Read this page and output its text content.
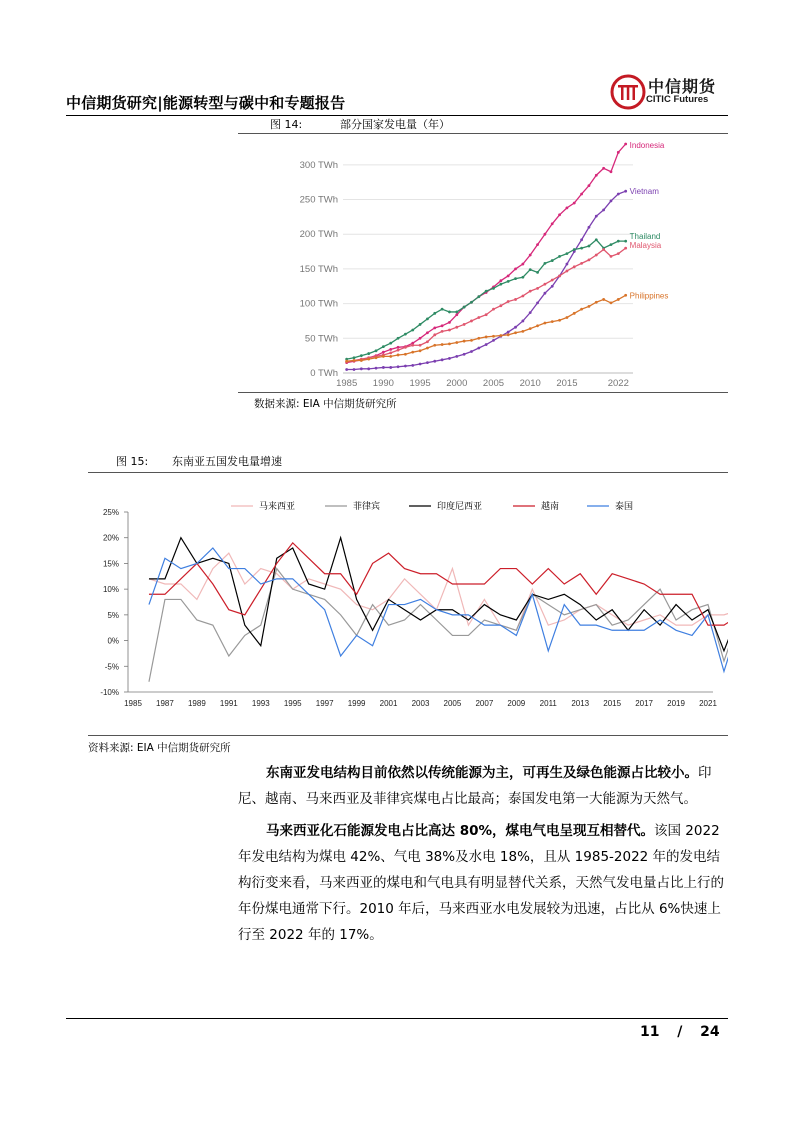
中信期货研究|能源转型与碳中和专题报告
中信期货
CITIC Futures
图 14:	部分国家发电量（年）
0 TWh
50 TWh
100 TWh
150 TWh
200 TWh
250 TWh
300 TWh
1985 1990 1995 2000 2005 2010 2015	2022
Indonesia
Vietnam
Thailand
Malaysia
Philippines
数据来源: EIA 中信期货研究所
图 15: 东南亚五国发电量增速
25%
20%
15%
10%
5%
0%
-5%
-10%
1985 1987 1989 1991 1993 1995 1997 1999 2001 2003 2005 2007 2009 2011 2013 2015 2017 2019 2021
马来西亚	菲律宾	印度尼西亚	越南	泰国
资料来源: EIA 中信期货研究所
东南亚发电结构目前依然以传统能源为主，可再生及绿色能源占比较小。印尼、越南、马来西亚及菲律宾煤电占比最高；泰国发电第一大能源为天然气。
马来西亚化石能源发电占比高达 80%，煤电气电呈现互相替代。该国 2022 年发电结构为煤电 42%、气电 38%及水电 18%，且从 1985-2022 年的发电结构衍变来看，马来西亚的煤电和气电具有明显替代关系，天然气发电量占比上行的年份煤电通常下行。2010 年后，马来西亚水电发展较为迅速，占比从 6%快速上行至 2022 年的 17%。
11 / 24
